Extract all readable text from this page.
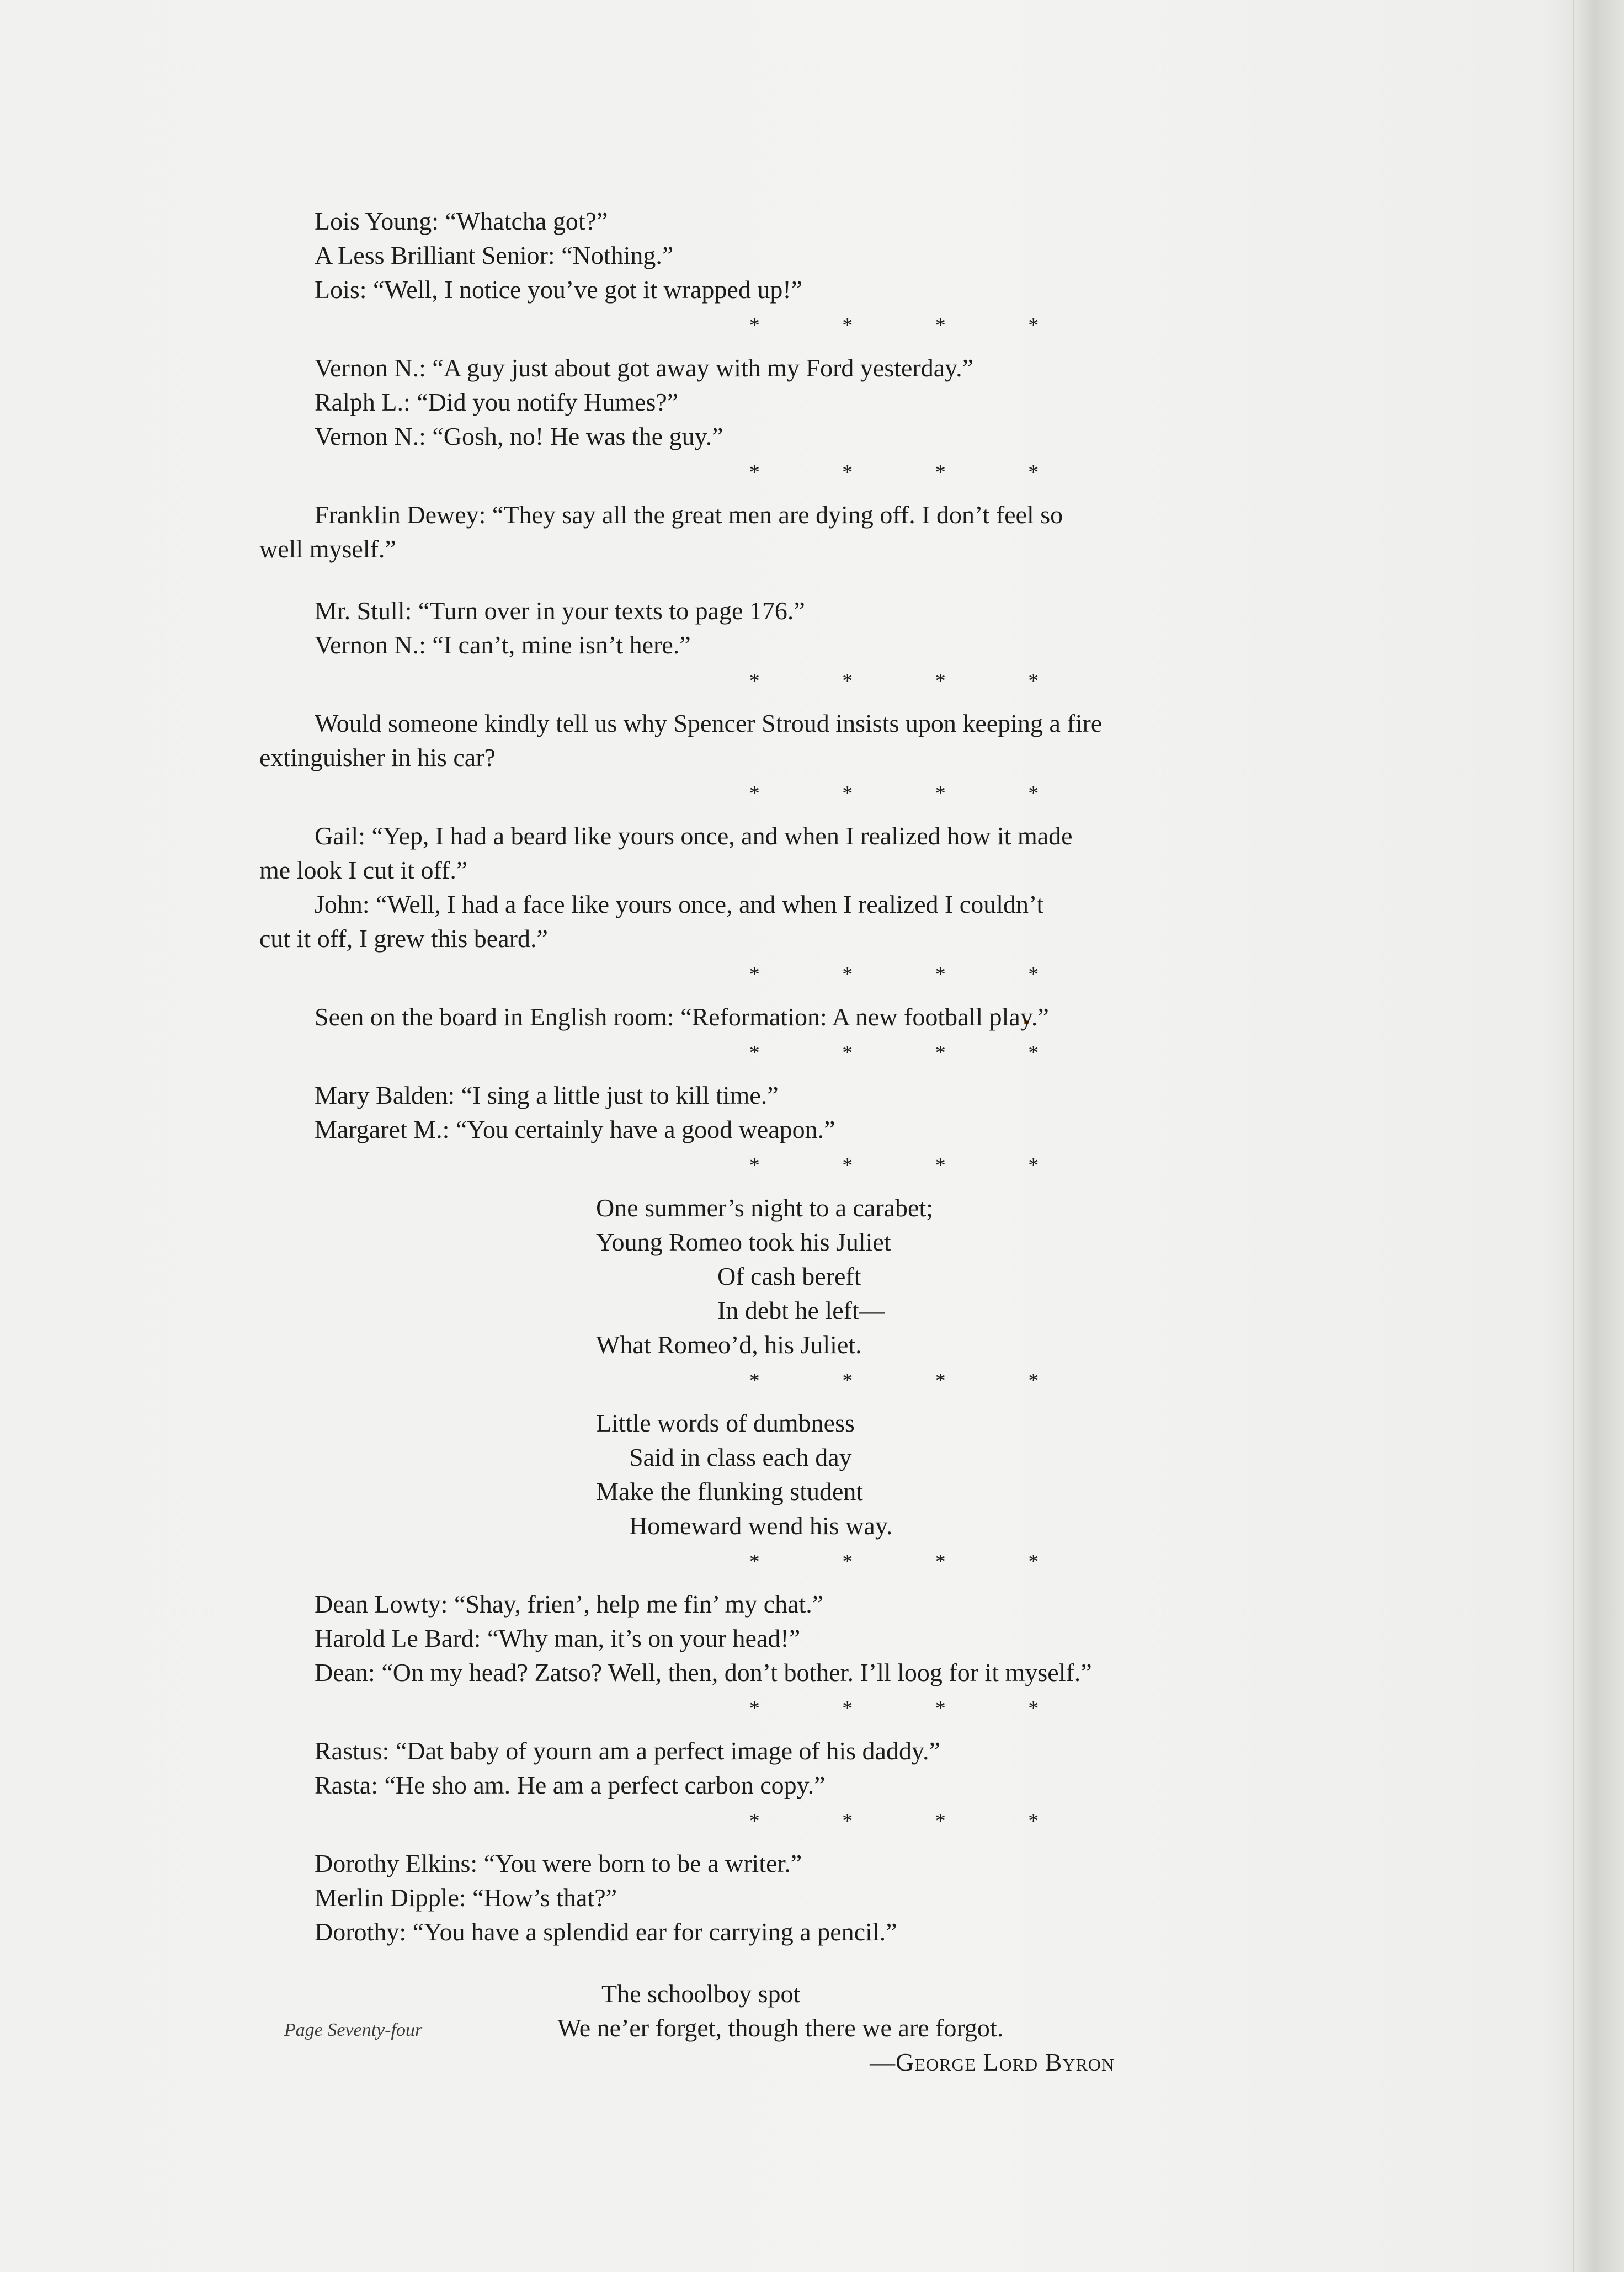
Lois Young: “Whatcha got?”
A Less Brilliant Senior: “Nothing.”
Lois: “Well, I notice you’ve got it wrapped up!”
* * * *
Vernon N.: “A guy just about got away with my Ford yesterday.”
Ralph L.: “Did you notify Humes?”
Vernon N.: “Gosh, no! He was the guy.”
* * * *
Franklin Dewey: “They say all the great men are dying off. I don’t feel so
well myself.”
Mr. Stull: “Turn over in your texts to page 176.”
Vernon N.: “I can’t, mine isn’t here.”
* * * *
Would someone kindly tell us why Spencer Stroud insists upon keeping a fire
extinguisher in his car?
* * * *
Gail: “Yep, I had a beard like yours once, and when I realized how it made
me look I cut it off.”
John: “Well, I had a face like yours once, and when I realized I couldn’t
cut it off, I grew this beard.”
* * * *
Seen on the board in English room: “Reformation: A new football play.”
* * * *
Mary Balden: “I sing a little just to kill time.”
Margaret M.: “You certainly have a good weapon.”
* * * *
One summer’s night to a carabet;
Young Romeo took his Juliet
Of cash bereft
In debt he left—
What Romeo’d, his Juliet.
* * * *
Little words of dumbness
Said in class each day
Make the flunking student
Homeward wend his way.
* * * *
Dean Lowty: “Shay, frien’, help me fin’ my chat.”
Harold Le Bard: “Why man, it’s on your head!”
Dean: “On my head? Zatso? Well, then, don’t bother. I’ll loog for it myself.”
* * * *
Rastus: “Dat baby of yourn am a perfect image of his daddy.”
Rasta: “He sho am. He am a perfect carbon copy.”
* * * *
Dorothy Elkins: “You were born to be a writer.”
Merlin Dipple: “How’s that?”
Dorothy: “You have a splendid ear for carrying a pencil.”
The schoolboy spot
We ne’er forget, though there we are forgot.
—George Lord Byron
Page Seventy-four
